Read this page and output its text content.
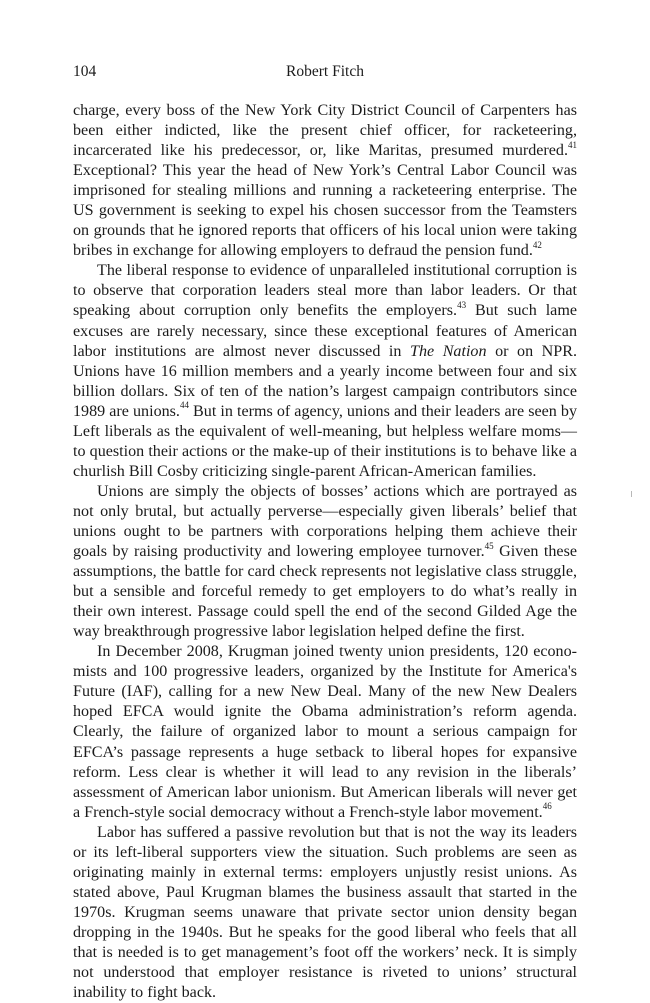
104	Robert Fitch

charge, every boss of the New York City District Council of Carpenters has been either indicted, like the present chief officer, for racketeering, incarcerated like his predecessor, or, like Maritas, presumed murdered.$^{41}$ Exceptional? This year the head of New York’s Central Labor Council was imprisoned for stealing millions and running a racketeering enterprise. The US government is seeking to expel his chosen successor from the Teamsters on grounds that he ignored reports that officers of his local union were taking bribes in exchange for allowing employers to defraud the pension fund.$^{42}$

The liberal response to evidence of unparalleled institutional corruption is to observe that corporation leaders steal more than labor leaders. Or that speaking about corruption only benefits the employers.$^{43}$ But such lame excuses are rarely necessary, since these exceptional features of American labor institutions are almost never discussed in The Nation or on NPR. Unions have 16 million members and a yearly income between four and six billion dollars. Six of ten of the nation’s largest campaign contributors since 1989 are unions.$^{44}$ But in terms of agency, unions and their leaders are seen by Left liberals as the equivalent of well-meaning, but helpless welfare moms—to question their actions or the make-up of their institutions is to behave like a churlish Bill Cosby criticizing single-parent African-American families.

Unions are simply the objects of bosses’ actions which are portrayed as not only brutal, but actually perverse—especially given liberals’ belief that unions ought to be partners with corporations helping them achieve their goals by raising productivity and lowering employee turnover.$^{45}$ Given these assumptions, the battle for card check represents not legislative class struggle, but a sensible and forceful remedy to get employers to do what’s really in their own interest. Passage could spell the end of the second Gilded Age the way breakthrough progressive labor legislation helped define the first.

In December 2008, Krugman joined twenty union presidents, 120 economists and 100 progressive leaders, organized by the Institute for America's Future (IAF), calling for a new New Deal. Many of the new New Dealers hoped EFCA would ignite the Obama administration’s reform agenda. Clearly, the failure of organized labor to mount a serious campaign for EFCA’s passage represents a huge setback to liberal hopes for expansive reform. Less clear is whether it will lead to any revision in the liberals’ assessment of American labor unionism. But American liberals will never get a French-style social democracy without a French-style labor movement.$^{46}$

Labor has suffered a passive revolution but that is not the way its leaders or its left-liberal supporters view the situation. Such problems are seen as originating mainly in external terms: employers unjustly resist unions. As stated above, Paul Krugman blames the business assault that started in the 1970s. Krugman seems unaware that private sector union density began dropping in the 1940s. But he speaks for the good liberal who feels that all that is needed is to get management’s foot off the workers’ neck. It is simply not understood that employer resistance is riveted to unions’ structural inability to fight back.
